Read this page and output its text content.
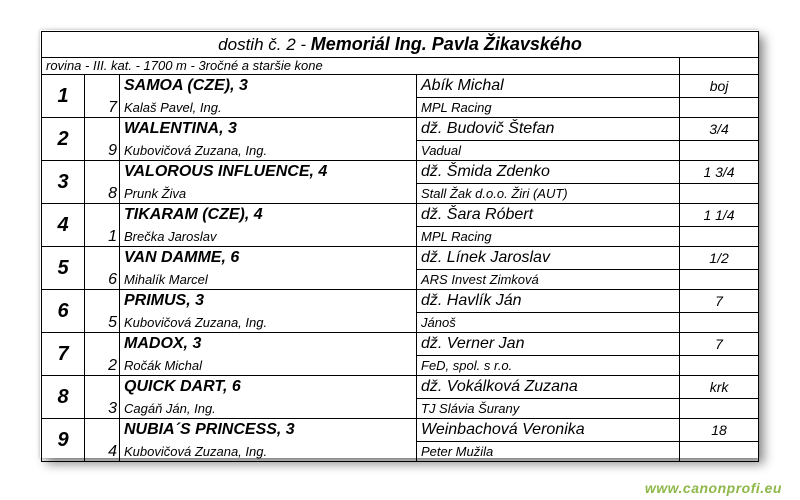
dostih č. 2 - Memoriál Ing. Pavla Žikavského				
rovina - III. kat. - 1700 m - 3ročné a staršie kone				
1	7	SAMOA (CZE), 3	Abík Michal	boj
		Kalaš Pavel, Ing.	MPL Racing	
2	9	WALENTINA, 3	dž. Budovič Štefan	3/4
		Kubovičová Zuzana, Ing.	Vadual	
3	8	VALOROUS INFLUENCE, 4	dž. Šmida Zdenko	1 3/4
		Prunk Živa	Stall Žak d.o.o. Žiri (AUT)	
4	1	TIKARAM (CZE), 4	dž. Šara Róbert	1 1/4
		Brečka Jaroslav	MPL Racing	
5	6	VAN DAMME, 6	dž. Línek Jaroslav	1/2
		Mihalík Marcel	ARS Invest Zimková	
6	5	PRIMUS, 3	dž. Havlík Ján	7
		Kubovičová Zuzana, Ing.	Jánoš	
7	2	MADOX, 3	dž. Verner Jan	7
		Ročák Michal	FeD, spol. s r.o.	
8	3	QUICK DART, 6	dž. Vokálková Zuzana	krk
		Cagáň Ján, Ing.	TJ Slávia Šurany	
9	4	NUBIA´S PRINCESS, 3	Weinbachová Veronika	18
		Kubovičová Zuzana, Ing.	Peter Mužila	
www.canonprofi.eu
